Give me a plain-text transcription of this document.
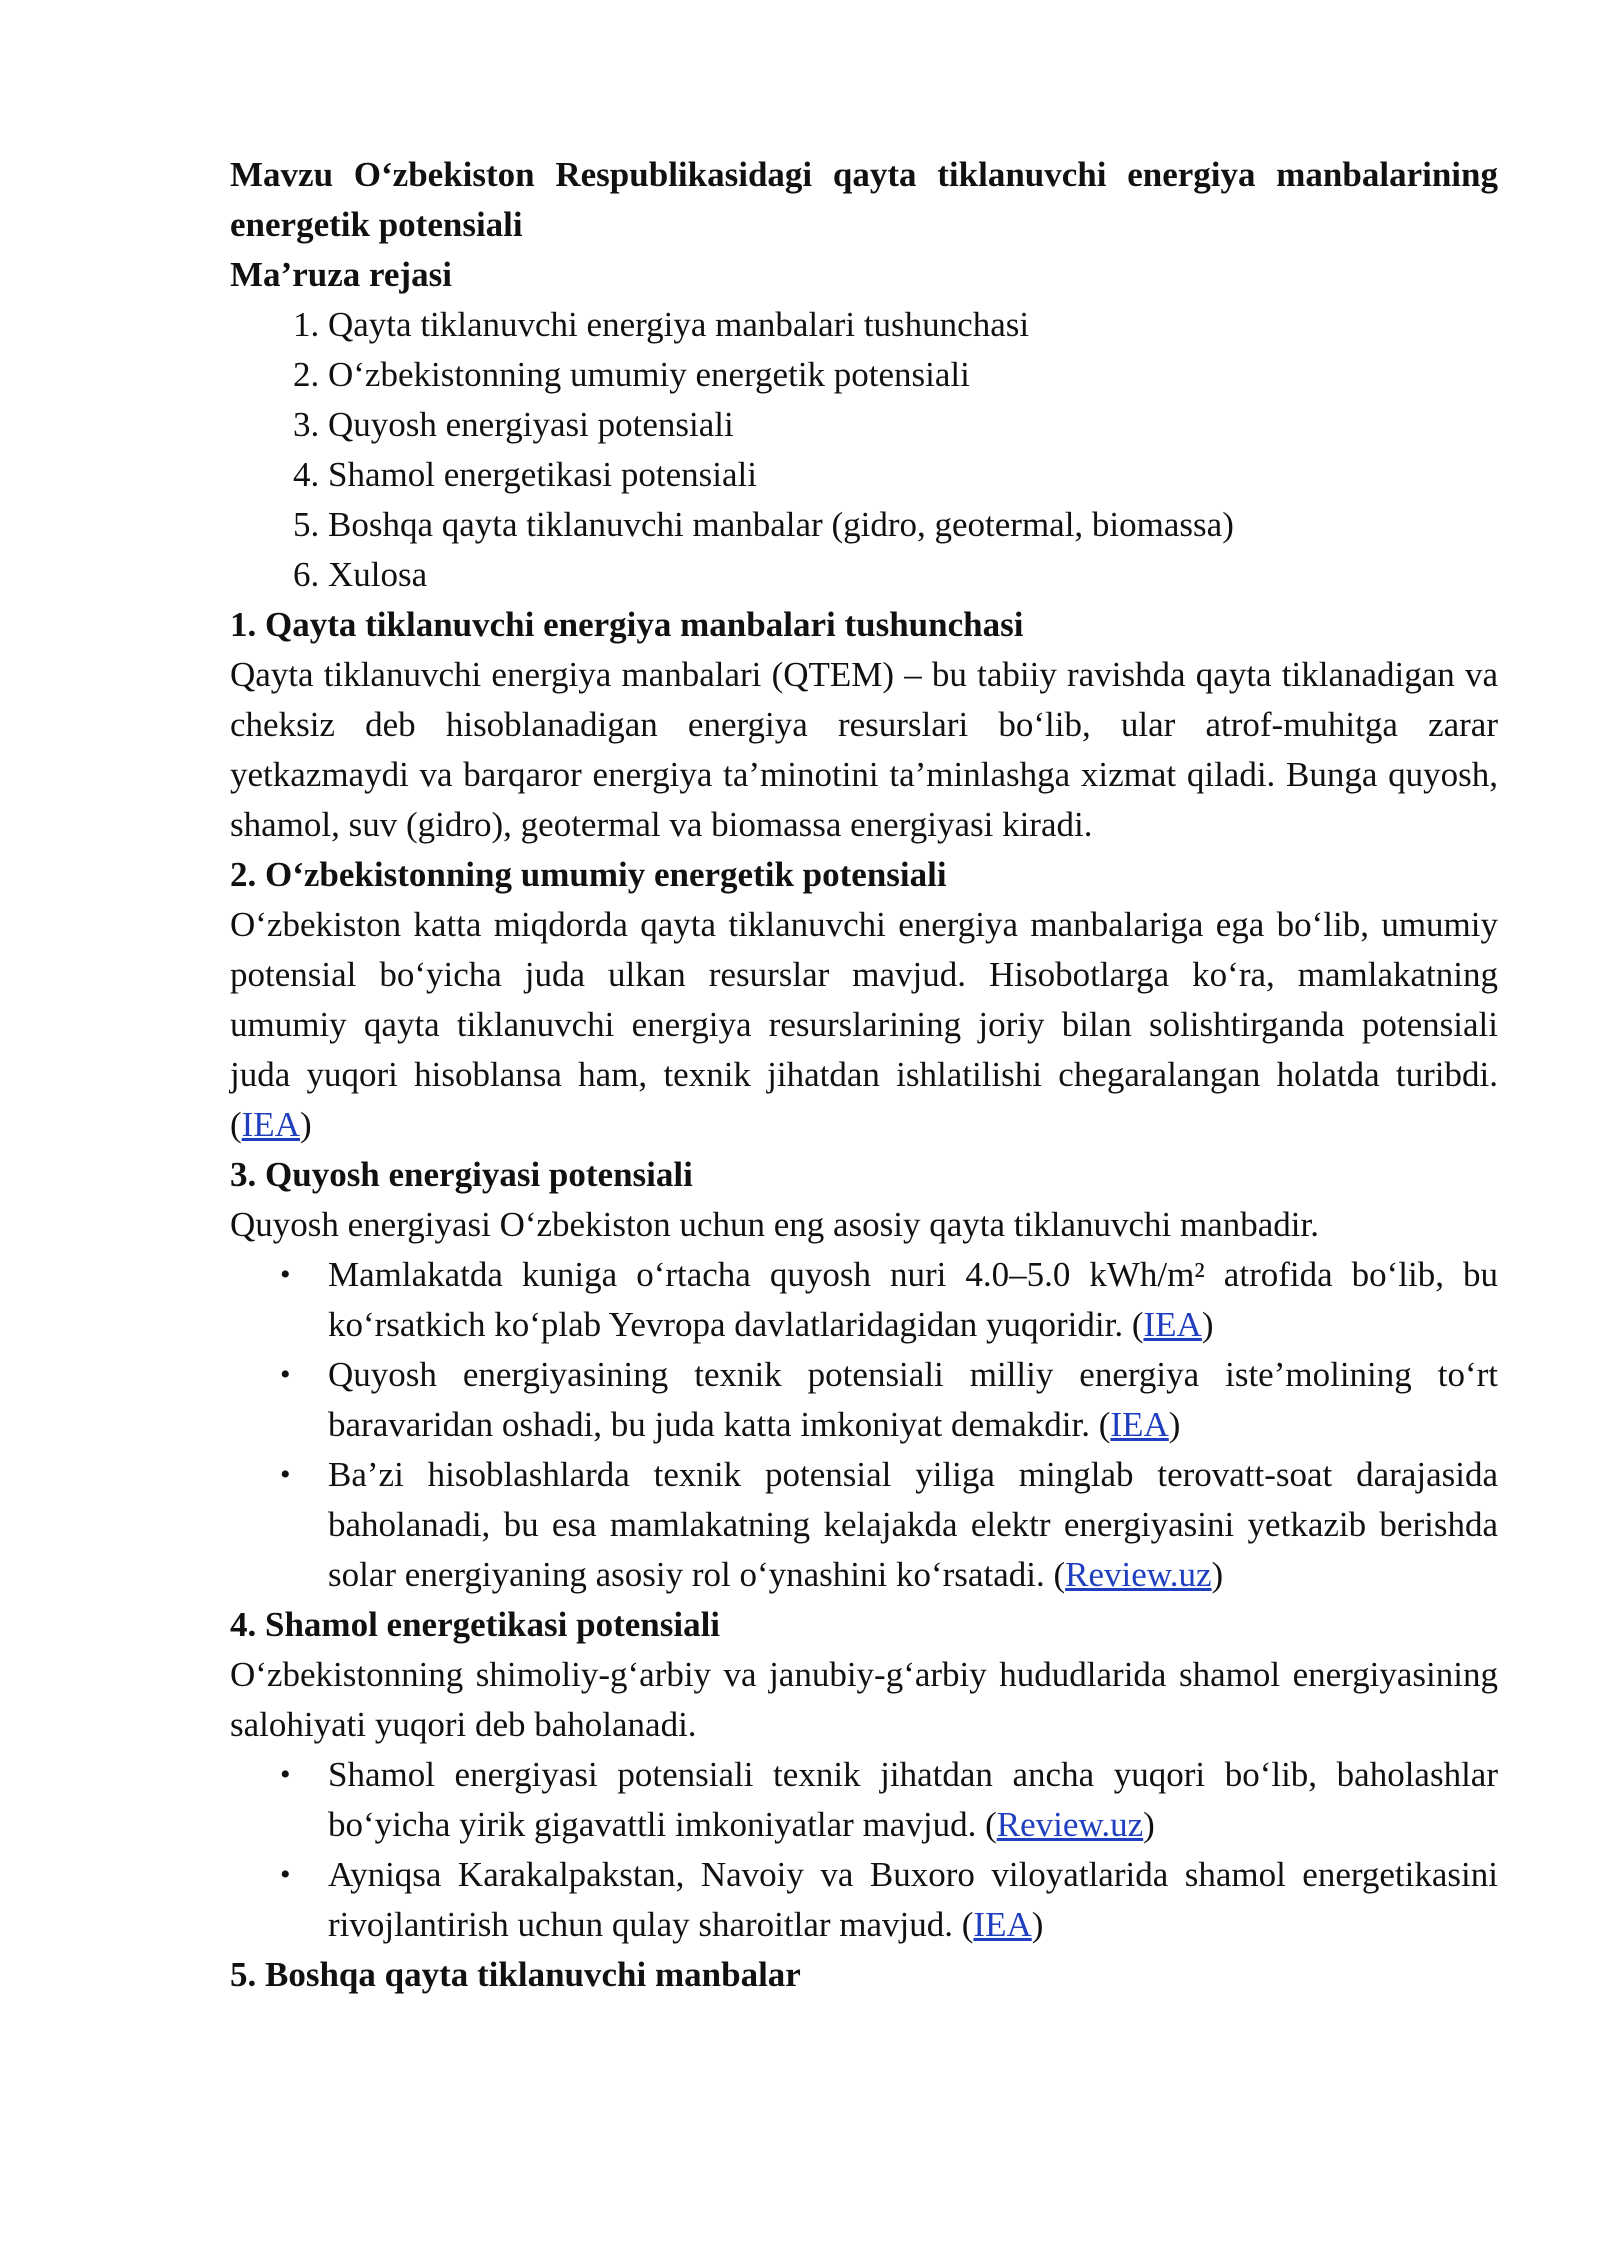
Mavzu O‘zbekiston Respublikasidagi qayta tiklanuvchi energiya manbalarining energetik potensiali

Ma’ruza rejasi

1. Qayta tiklanuvchi energiya manbalari tushunchasi
2. O‘zbekistonning umumiy energetik potensiali
3. Quyosh energiyasi potensiali
4. Shamol energetikasi potensiali
5. Boshqa qayta tiklanuvchi manbalar (gidro, geotermal, biomassa)
6. Xulosa

1. Qayta tiklanuvchi energiya manbalari tushunchasi

Qayta tiklanuvchi energiya manbalari (QTEM) – bu tabiiy ravishda qayta tiklanadigan va cheksiz deb hisoblanadigan energiya resurslari bo‘lib, ular atrof-muhitga zarar yetkazmaydi va barqaror energiya ta’minotini ta’minlashga xizmat qiladi. Bunga quyosh, shamol, suv (gidro), geotermal va biomassa energiyasi kiradi.

2. O‘zbekistonning umumiy energetik potensiali

O‘zbekiston katta miqdorda qayta tiklanuvchi energiya manbalariga ega bo‘lib, umumiy potensial bo‘yicha juda ulkan resurslar mavjud. Hisobotlarga ko‘ra, mamlakatning umumiy qayta tiklanuvchi energiya resurslarining joriy bilan solishtirganda potensiali juda yuqori hisoblansa ham, texnik jihatdan ishlatilishi chegaralangan holatda turibdi. (IEA)

3. Quyosh energiyasi potensiali

Quyosh energiyasi O‘zbekiston uchun eng asosiy qayta tiklanuvchi manbadir.

• Mamlakatda kuniga o‘rtacha quyosh nuri 4.0–5.0 kWh/m² atrofida bo‘lib, bu ko‘rsatkich ko‘plab Yevropa davlatlaridagidan yuqoridir. (IEA)
• Quyosh energiyasining texnik potensiali milliy energiya iste’molining to‘rt baravaridan oshadi, bu juda katta imkoniyat demakdir. (IEA)
• Ba’zi hisoblashlarda texnik potensial yiliga minglab terovatt-soat darajasida baholanadi, bu esa mamlakatning kelajakda elektr energiyasini yetkazib berishda solar energiyaning asosiy rol o‘ynashini ko‘rsatadi. (Review.uz)

4. Shamol energetikasi potensiali

O‘zbekistonning shimoliy-g‘arbiy va janubiy-g‘arbiy hududlarida shamol energiyasining salohiyati yuqori deb baholanadi.

• Shamol energiyasi potensiali texnik jihatdan ancha yuqori bo‘lib, baholashlar bo‘yicha yirik gigavattli imkoniyatlar mavjud. (Review.uz)
• Ayniqsa Karakalpakstan, Navoiy va Buxoro viloyatlarida shamol energetikasini rivojlantirish uchun qulay sharoitlar mavjud. (IEA)

5. Boshqa qayta tiklanuvchi manbalar
